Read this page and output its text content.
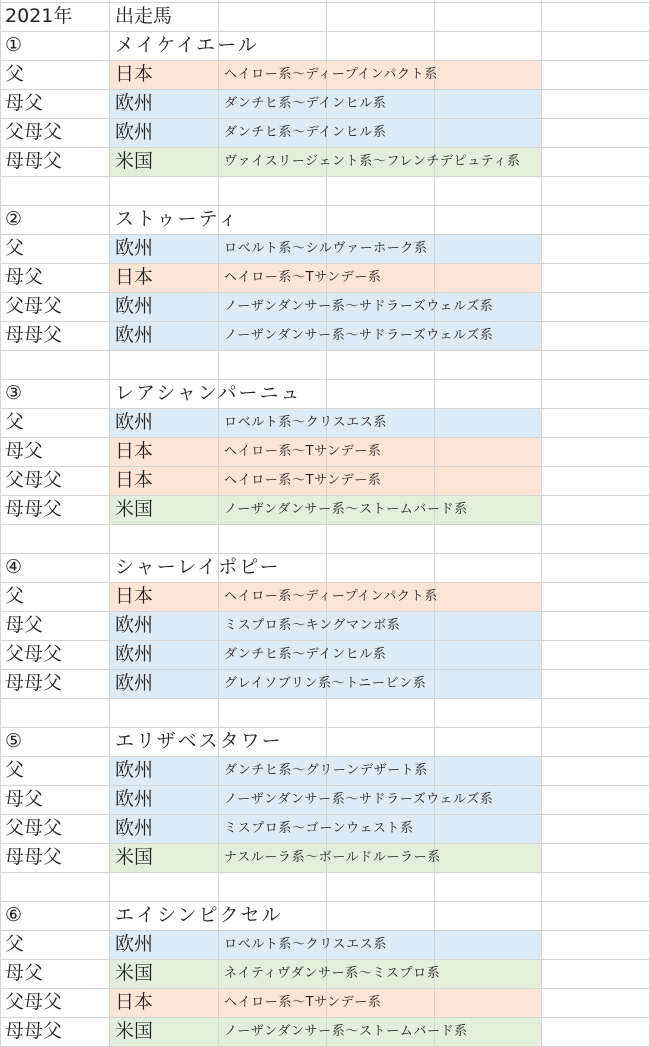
2021年 出走馬
①	メイケイエール
父	日本	ヘイロー系～ディープインパクト系
母父	欧州	ダンチヒ系～デインヒル系
父母父	欧州	ダンチヒ系～デインヒル系
母母父	米国	ヴァイスリージェント系～フレンチデピュティ系
②	ストゥーティ
父	欧州	ロベルト系～シルヴァーホーク系
母父	日本	ヘイロー系～Tサンデー系
父母父	欧州	ノーザンダンサー系～サドラーズウェルズ系
母母父	欧州	ノーザンダンサー系～サドラーズウェルズ系
③	レアシャンパーニュ
父	欧州	ロベルト系～クリスエス系
母父	日本	ヘイロー系～Tサンデー系
父母父	日本	ヘイロー系～Tサンデー系
母母父	米国	ノーザンダンサー系～ストームバード系
④	シャーレイポピー
父	日本	ヘイロー系～ディープインパクト系
母父	欧州	ミスプロ系～キングマンボ系
父母父	欧州	ダンチヒ系～デインヒル系
母母父	欧州	グレイソブリン系～トニービン系
⑤	エリザベスタワー
父	欧州	ダンチヒ系～グリーンデザート系
母父	欧州	ノーザンダンサー系～サドラーズウェルズ系
父母父	欧州	ミスプロ系～ゴーンウェスト系
母母父	米国	ナスルーラ系～ボールドルーラー系
⑥	エイシンピクセル
父	欧州	ロベルト系～クリスエス系
母父	米国	ネイティヴダンサー系～ミスプロ系
父母父	日本	ヘイロー系～Tサンデー系
母母父	米国	ノーザンダンサー系～ストームバード系
